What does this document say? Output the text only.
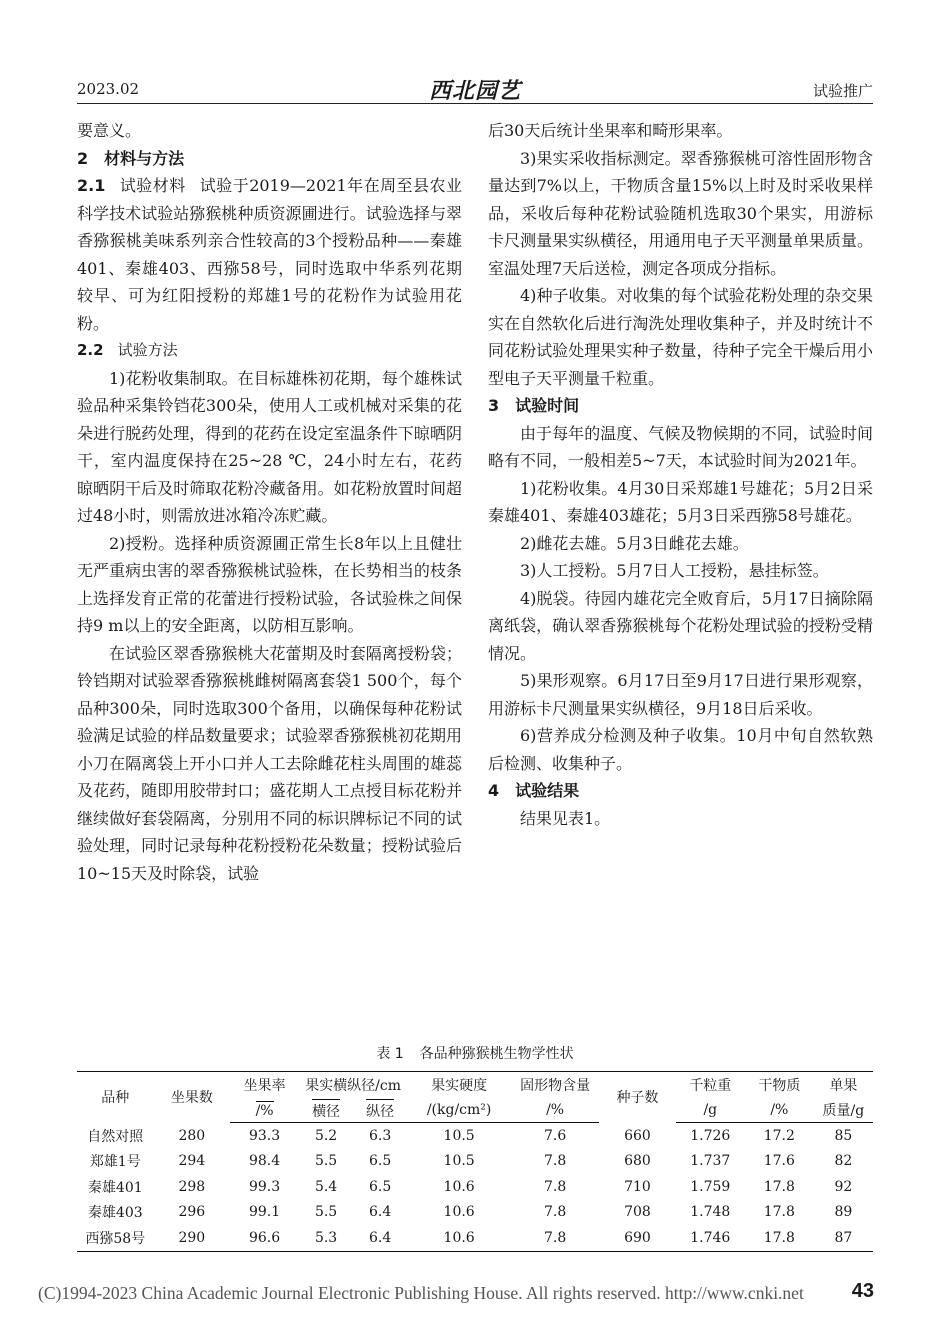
2023.02	西北园艺	试验推广

要意义。

2　材料与方法

2.1 试验材料 试验于2019—2021年在周至县农业科学技术试验站猕猴桃种质资源圃进行。试验选择与翠香猕猴桃美味系列亲合性较高的3个授粉品种——秦雄401、秦雄403、西猕58号，同时选取中华系列花期较早、可为红阳授粉的郑雄1号的花粉作为试验用花粉。

2.2 试验方法

1)花粉收集制取。在目标雄株初花期，每个雄株试验品种采集铃铛花300朵，使用人工或机械对采集的花朵进行脱药处理，得到的花药在设定室温条件下晾晒阴干，室内温度保持在25~28 ℃，24小时左右，花药晾晒阴干后及时筛取花粉冷藏备用。如花粉放置时间超过48小时，则需放进冰箱冷冻贮藏。

2)授粉。选择种质资源圃正常生长8年以上且健壮无严重病虫害的翠香猕猴桃试验株，在长势相当的枝条上选择发育正常的花蕾进行授粉试验，各试验株之间保持9 m以上的安全距离，以防相互影响。

在试验区翠香猕猴桃大花蕾期及时套隔离授粉袋；铃铛期对试验翠香猕猴桃雌树隔离套袋1 500个，每个品种300朵，同时选取300个备用，以确保每种花粉试验满足试验的样品数量要求；试验翠香猕猴桃初花期用小刀在隔离袋上开小口并人工去除雌花柱头周围的雄蕊及花药，随即用胶带封口；盛花期人工点授目标花粉并继续做好套袋隔离，分别用不同的标识牌标记不同的试验处理，同时记录每种花粉授粉花朵数量；授粉试验后10~15天及时除袋，试验

后30天后统计坐果率和畸形果率。

3)果实采收指标测定。翠香猕猴桃可溶性固形物含量达到7%以上，干物质含量15%以上时及时采收果样品，采收后每种花粉试验随机选取30个果实，用游标卡尺测量果实纵横径，用通用电子天平测量单果质量。室温处理7天后送检，测定各项成分指标。

4)种子收集。对收集的每个试验花粉处理的杂交果实在自然软化后进行淘洗处理收集种子，并及时统计不同花粉试验处理果实种子数量，待种子完全干燥后用小型电子天平测量千粒重。

3　试验时间

由于每年的温度、气候及物候期的不同，试验时间略有不同，一般相差5~7天，本试验时间为2021年。

1)花粉收集。4月30日采郑雄1号雄花；5月2日采秦雄401、秦雄403雄花；5月3日采西猕58号雄花。

2)雌花去雄。5月3日雌花去雄。

3)人工授粉。5月7日人工授粉，悬挂标签。

4)脱袋。待园内雄花完全败育后，5月17日摘除隔离纸袋，确认翠香猕猴桃每个花粉处理试验的授粉受精情况。

5)果形观察。6月17日至9月17日进行果形观察，用游标卡尺测量果实纵横径，9月18日后采收。

6)营养成分检测及种子收集。10月中旬自然软熟后检测、收集种子。

4　试验结果

结果见表1。

表 1 各品种猕猴桃生物学性状
品种	坐果数	坐果率	果实横纵径/cm		果实硬度	固形物含量	种子数	千粒重	干物质	单果
		/%	横径	纵径	/(kg/cm²)	/%		/g	/%	质量/g
自然对照	280	93.3	5.2	6.3	10.5	7.6	660	1.726	17.2	85
郑雄1号	294	98.4	5.5	6.5	10.5	7.8	680	1.737	17.6	82
秦雄401	298	99.3	5.4	6.5	10.6	7.8	710	1.759	17.8	92
秦雄403	296	99.1	5.5	6.4	10.6	7.8	708	1.748	17.8	89
西猕58号	290	96.6	5.3	6.4	10.6	7.8	690	1.746	17.8	87
(C)1994-2023 China Academic Journal Electronic Publishing House. All rights reserved. http://www.cnki.net 43
